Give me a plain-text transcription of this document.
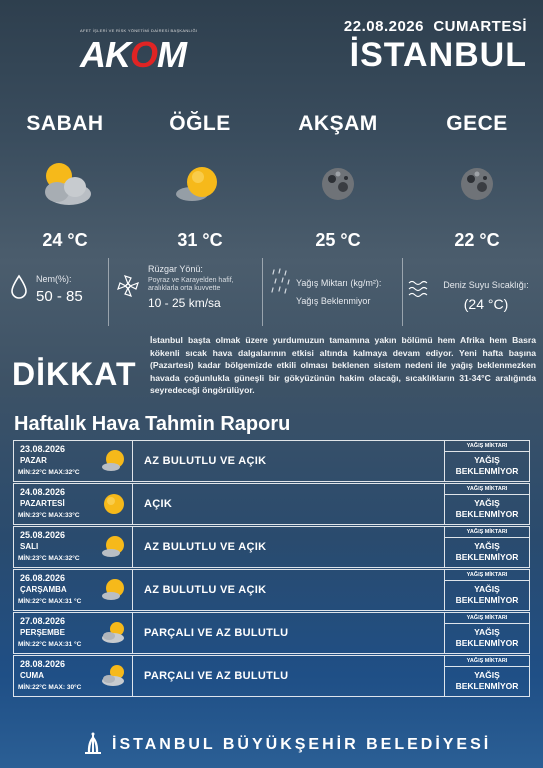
AFET İŞLERİ VE RİSK YÖNETİMİ DAİRESİ BAŞKANLIĞI
AKOM
22.08.2026 CUMARTESİ
İSTANBUL
SABAH
24 °C
ÖĞLE
31 °C
AKŞAM
25 °C
GECE
22 °C
Nem(%):
50 - 85
Rüzgar Yönü:
Poyraz ve Karayelden hafif, aralıklarla orta kuvvette
10 - 25 km/sa
Yağış Miktarı (kg/m²):
Yağış Beklenmiyor
Deniz Suyu Sıcaklığı:
(24 °C)
DİKKAT
İstanbul başta olmak üzere yurdumuzun tamamına yakın bölümü hem Afrika hem Basra kökenli sıcak hava dalgalarının etkisi altında kalmaya devam ediyor. Yeni hafta başına (Pazartesi) kadar bölgemizde etkili olması beklenen sistem nedeni ile yağış beklenmezken havada çoğunlukla güneşli bir gökyüzünün hakim olacağı, sıcaklıkların 31-34°C aralığında seyredeceği öngörülüyor.
Haftalık Hava Tahmin Raporu
23.08.2026
PAZAR
MİN:22°C MAX:32°C
AZ BULUTLU VE AÇIK
YAĞIŞ MİKTARI
YAĞIŞ
BEKLENMİYOR
24.08.2026
PAZARTESİ
MİN:23°C MAX:33°C
AÇIK
YAĞIŞ MİKTARI
YAĞIŞ
BEKLENMİYOR
25.08.2026
SALI
MİN:23°C MAX:32°C
AZ BULUTLU VE AÇIK
YAĞIŞ MİKTARI
YAĞIŞ
BEKLENMİYOR
26.08.2026
ÇARŞAMBA
MİN:22°C MAX:31 °C
AZ BULUTLU VE AÇIK
YAĞIŞ MİKTARI
YAĞIŞ
BEKLENMİYOR
27.08.2026
PERŞEMBE
MİN:22°C MAX:31 °C
PARÇALI VE AZ BULUTLU
YAĞIŞ MİKTARI
YAĞIŞ
BEKLENMİYOR
28.08.2026
CUMA
MİN:22°C MAX: 30°C
PARÇALI VE AZ BULUTLU
YAĞIŞ MİKTARI
YAĞIŞ
BEKLENMİYOR
İSTANBUL BÜYÜKŞEHİR BELEDİYESİ
